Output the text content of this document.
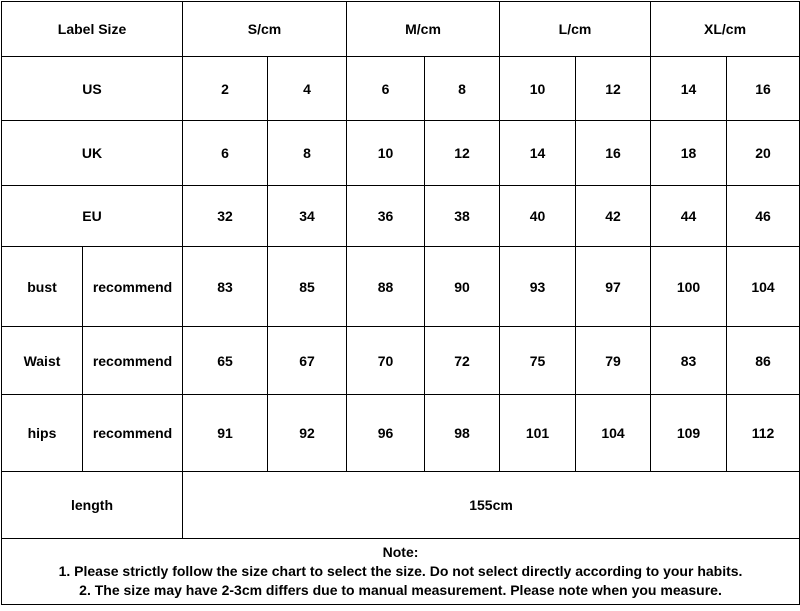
Label Size		S/cm		M/cm		L/cm		XL/cm	
US		2	4	6	8	10	12	14	16
UK		6	8	10	12	14	16	18	20
EU		32	34	36	38	40	42	44	46
bust	recommend	83	85	88	90	93	97	100	104
Waist	recommend	65	67	70	72	75	79	83	86
hips	recommend	91	92	96	98	101	104	109	112
length		155cm							

Note:
1. Please strictly follow the size chart to select the size. Do not select directly according to your habits.
2. The size may have 2-3cm differs due to manual measurement. Please note when you measure.									
